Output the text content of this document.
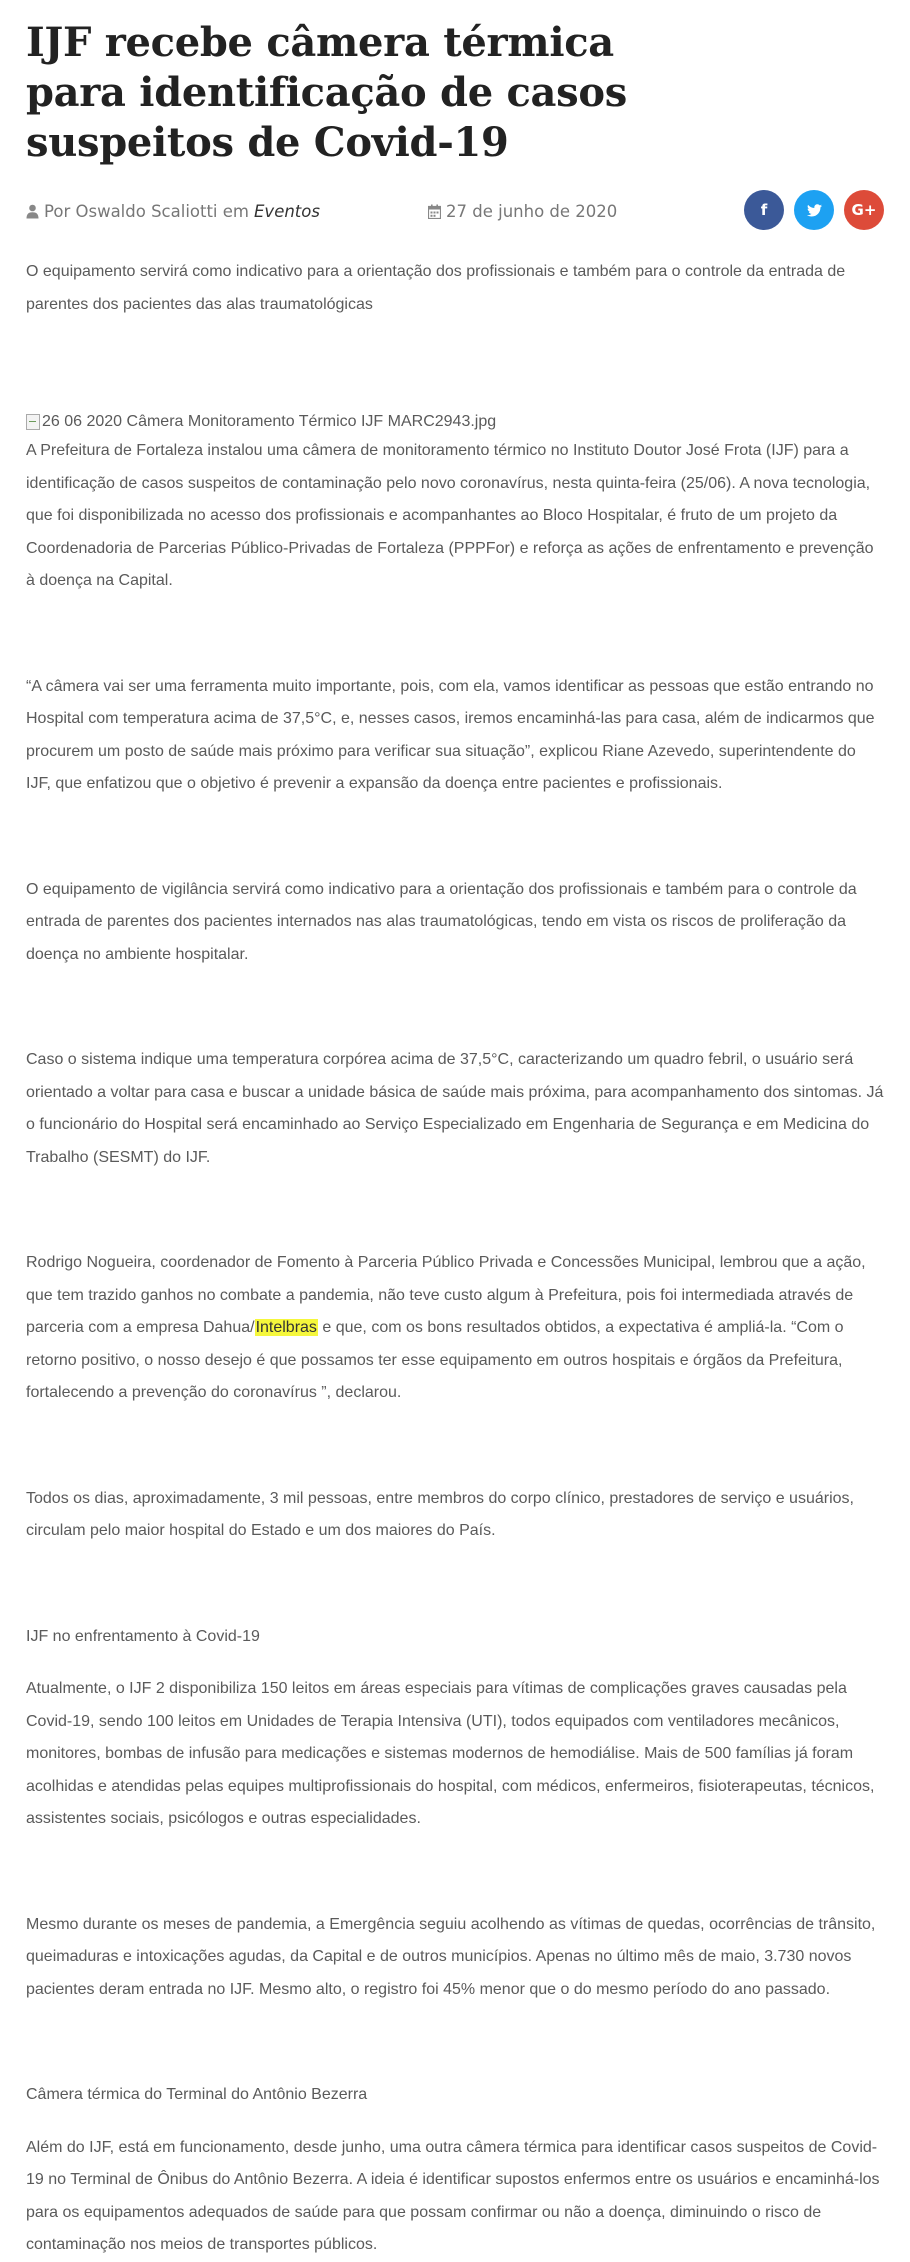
IJF recebe câmera térmica para identificação de casos suspeitos de Covid-19
Por Oswaldo Scaliotti em Eventos	27 de junho de 2020	f	G+

O equipamento servirá como indicativo para a orientação dos profissionais e também para o controle da entrada de parentes dos pacientes das alas traumatológicas

26 06 2020 Câmera Monitoramento Térmico IJF MARC2943.jpg

A Prefeitura de Fortaleza instalou uma câmera de monitoramento térmico no Instituto Doutor José Frota (IJF) para a identificação de casos suspeitos de contaminação pelo novo coronavírus, nesta quinta-feira (25/06). A nova tecnologia, que foi disponibilizada no acesso dos profissionais e acompanhantes ao Bloco Hospitalar, é fruto de um projeto da Coordenadoria de Parcerias Público-Privadas de Fortaleza (PPPFor) e reforça as ações de enfrentamento e prevenção à doença na Capital.

“A câmera vai ser uma ferramenta muito importante, pois, com ela, vamos identificar as pessoas que estão entrando no Hospital com temperatura acima de 37,5°C, e, nesses casos, iremos encaminhá-las para casa, além de indicarmos que procurem um posto de saúde mais próximo para verificar sua situação”, explicou Riane Azevedo, superintendente do IJF, que enfatizou que o objetivo é prevenir a expansão da doença entre pacientes e profissionais.

O equipamento de vigilância servirá como indicativo para a orientação dos profissionais e também para o controle da entrada de parentes dos pacientes internados nas alas traumatológicas, tendo em vista os riscos de proliferação da doença no ambiente hospitalar.

Caso o sistema indique uma temperatura corpórea acima de 37,5°C, caracterizando um quadro febril, o usuário será orientado a voltar para casa e buscar a unidade básica de saúde mais próxima, para acompanhamento dos sintomas. Já o funcionário do Hospital será encaminhado ao Serviço Especializado em Engenharia de Segurança e em Medicina do Trabalho (SESMT) do IJF.

Rodrigo Nogueira, coordenador de Fomento à Parceria Público Privada e Concessões Municipal, lembrou que a ação, que tem trazido ganhos no combate a pandemia, não teve custo algum à Prefeitura, pois foi intermediada através de parceria com a empresa Dahua/Intelbras e que, com os bons resultados obtidos, a expectativa é ampliá-la. “Com o retorno positivo, o nosso desejo é que possamos ter esse equipamento em outros hospitais e órgãos da Prefeitura, fortalecendo a prevenção do coronavírus ”, declarou.

Todos os dias, aproximadamente, 3 mil pessoas, entre membros do corpo clínico, prestadores de serviço e usuários, circulam pelo maior hospital do Estado e um dos maiores do País.

IJF no enfrentamento à Covid-19

Atualmente, o IJF 2 disponibiliza 150 leitos em áreas especiais para vítimas de complicações graves causadas pela Covid-19, sendo 100 leitos em Unidades de Terapia Intensiva (UTI), todos equipados com ventiladores mecânicos, monitores, bombas de infusão para medicações e sistemas modernos de hemodiálise. Mais de 500 famílias já foram acolhidas e atendidas pelas equipes multiprofissionais do hospital, com médicos, enfermeiros, fisioterapeutas, técnicos, assistentes sociais, psicólogos e outras especialidades.

Mesmo durante os meses de pandemia, a Emergência seguiu acolhendo as vítimas de quedas, ocorrências de trânsito, queimaduras e intoxicações agudas, da Capital e de outros municípios. Apenas no último mês de maio, 3.730 novos pacientes deram entrada no IJF. Mesmo alto, o registro foi 45% menor que o do mesmo período do ano passado.

Câmera térmica do Terminal do Antônio Bezerra

Além do IJF, está em funcionamento, desde junho, uma outra câmera térmica para identificar casos suspeitos de Covid-19 no Terminal de Ônibus do Antônio Bezerra. A ideia é identificar supostos enfermos entre os usuários e encaminhá-los para os equipamentos adequados de saúde para que possam confirmar ou não a doença, diminuindo o risco de contaminação nos meios de transportes públicos.
